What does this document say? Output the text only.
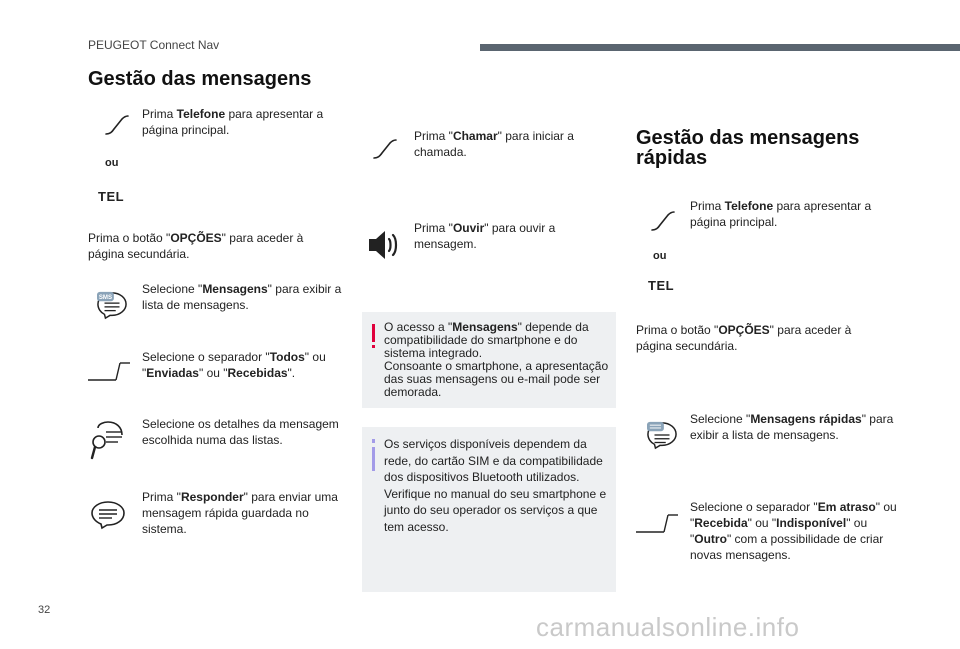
PEUGEOT Connect Nav
Gestão das mensagens
Prima Telefone para apresentar a página principal.
ou
TEL
Prima o botão "OPÇÕES" para aceder à página secundária.
SMS
Selecione "Mensagens" para exibir a lista de mensagens.
Selecione o separador "Todos" ou "Enviadas" ou "Recebidas".
Selecione os detalhes da mensagem escolhida numa das listas.
Prima "Responder" para enviar uma mensagem rápida guardada no sistema.
Prima "Chamar" para iniciar a chamada.
Prima "Ouvir" para ouvir a mensagem.
O acesso a "Mensagens" depende da compatibilidade do smartphone e do sistema integrado.
Consoante o smartphone, a apresentação das suas mensagens ou e-mail pode ser demorada.
Os serviços disponíveis dependem da rede, do cartão SIM e da compatibilidade dos dispositivos Bluetooth utilizados. Verifique no manual do seu smartphone e junto do seu operador os serviços a que tem acesso.
Gestão das mensagens
rápidas
Prima Telefone para apresentar a página principal.
ou
TEL
Prima o botão "OPÇÕES" para aceder à página secundária.
Selecione "Mensagens rápidas" para exibir a lista de mensagens.
Selecione o separador "Em atraso" ou "Recebida" ou "Indisponível" ou "Outro" com a possibilidade de criar novas mensagens.
32
carmanualsonline.info
